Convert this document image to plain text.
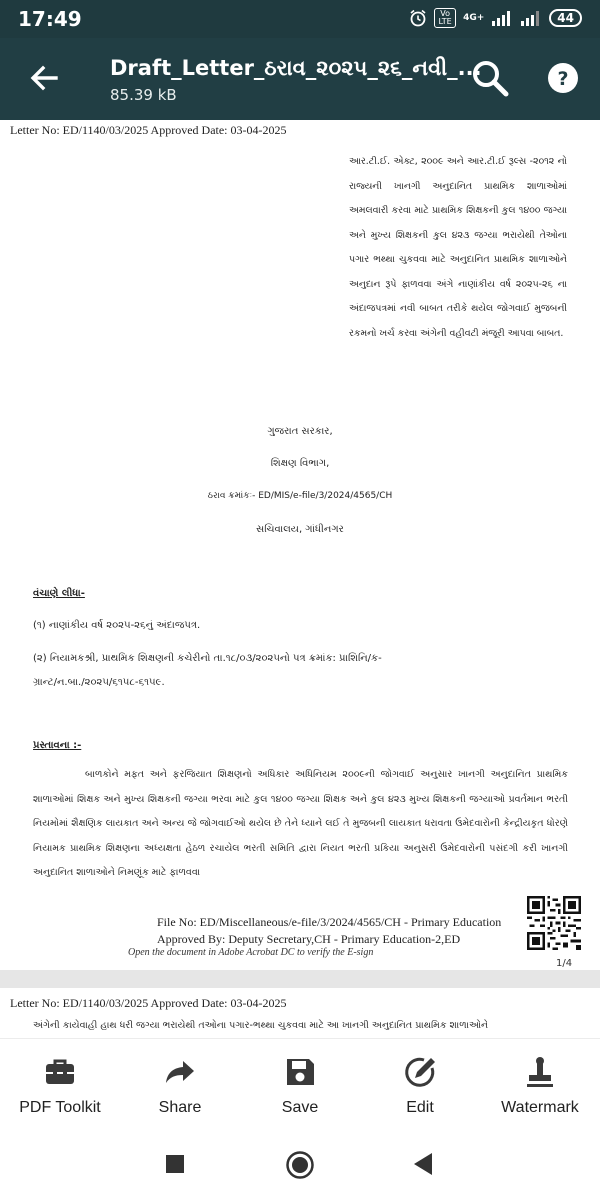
17:49	Vo LTE	4G+	44
Draft_Letter_ઠરાવ_૨૦૨૫_૨૬_નવી_...
85.39 kB
?
Letter No: ED/1140/03/2025 Approved Date: 03-04-2025
આર.ટી.ઈ. એક્ટ, ૨૦૦૯ અને આર.ટી.ઈ રૂલ્સ -૨૦૧૨ નો રાજ્યની ખાનગી અનુદાનિત પ્રાથમિક શાળાઓમાં અમલવારી કરવા માટે પ્રાથમિક શિક્ષકની કુલ ૧૪૦૦ જગ્યા અને મુખ્ય શિક્ષકની કુલ ૪૨૩ જગ્યા ભરાયેથી તેઓના પગાર ભથ્થા ચુકવવા માટે અનુદાનિત પ્રાથમિક શાળાઓને અનુદાન રૂપે ફાળવવા અંગે નાણાંકીય વર્ષ ૨૦૨૫-૨૬ ના અંદાજપત્રમાં નવી બાબત તરીકે થયેલ જોગવાઈ મુજબની રકમનો ખર્ચ કરવા અંગેની વહીવટી મંજૂરી આપવા બાબત.
ગુજરાત સરકાર,
શિક્ષણ વિભાગ,
ઠરાવ ક્રમાંકઃ- ED/MIS/e-file/3/2024/4565/CH
સચિવાલય, ગાંધીનગર
વંચાણે લીધા-
(૧) નાણાંકીય વર્ષ ૨૦૨૫-૨૬નું અંદાજપત્ર.
(૨) નિયામકશ્રી, પ્રાથમિક શિક્ષણની કચેરીનો તા.૧૮/૦૩/૨૦૨૫નો પત્ર ક્રમાંક: પ્રાશિનિ/ક-
ગ્રાન્ટ/ન.બા./૨૦૨૫/૬૧૫૮-૬૧૫૯.
પ્રસ્તાવના :-
બાળકોને મફત અને ફરજિયાત શિક્ષણનો અધિકાર અધિનિયમ ૨૦૦૯ની જોગવાઈ અનુસાર ખાનગી અનુદાનિત પ્રાથમિક શાળાઓમાં શિક્ષક અને મુખ્ય શિક્ષકની જગ્યા ભરવા માટે કુલ ૧૪૦૦ જગ્યા શિક્ષક અને કુલ ૪૨૩ મુખ્ય શિક્ષકની જગ્યાઓ પ્રવર્તમાન ભરતી નિયમોમાં શૈક્ષણિક લાયકાત અને અન્ય જે જોગવાઈઓ થયેલ છે તેને ધ્યાને લઈ તે મુજબની લાયકાત ધરાવતા ઉમેદવારોની કેન્દ્રીયકૃત ધોરણે નિયામક પ્રાથમિક શિક્ષણના અધ્યક્ષતા હેઠળ રચાયેલ ભરતી સમિતિ દ્વારા નિયત ભરતી પ્રકિયા અનુસરી ઉમેદવારોની પસંદગી કરી ખાનગી અનુદાનિત શાળાઓને નિમણૂંક માટે ફાળવવા
File No: ED/Miscellaneous/e-file/3/2024/4565/CH - Primary Education
Approved By: Deputy Secretary,CH - Primary Education-2,ED
Open the document in Adobe Acrobat DC to verify the E-sign
1/4
Letter No: ED/1140/03/2025 Approved Date: 03-04-2025
અંગેની કાયેવાહી હાથ ધરી જગ્યા ભરાયેથી તઓના પગાર-ભથ્થા ચુકવવા માટે આ ખાનગી અનુદાનિત પ્રાથમિક શાળાઓને
PDF Toolkit	Share	Save	Edit	Watermark
